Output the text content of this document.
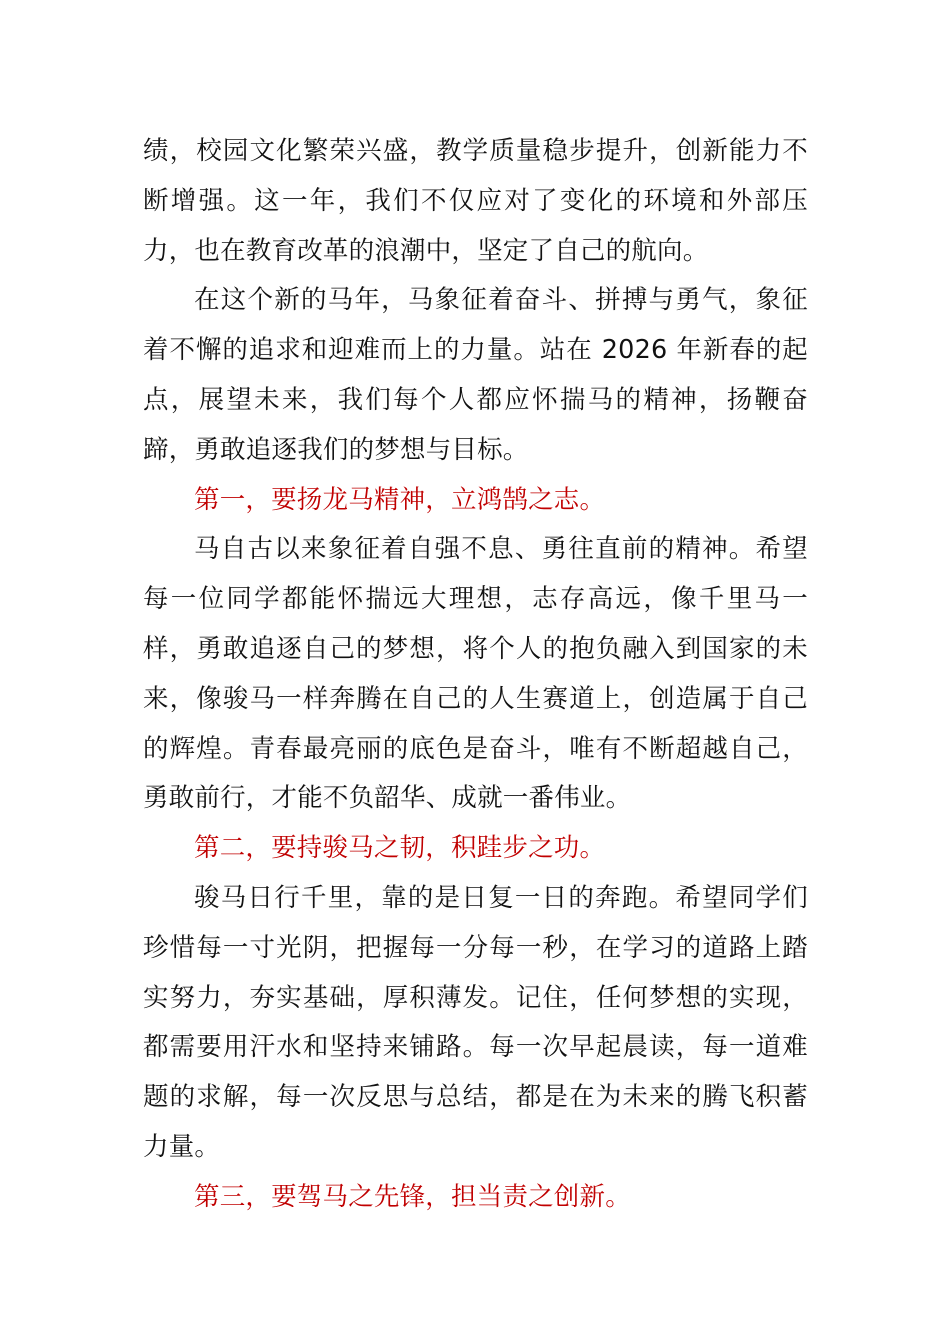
绩，校园文化繁荣兴盛，教学质量稳步提升，创新能力不断增强。这一年，我们不仅应对了变化的环境和外部压力，也在教育改革的浪潮中，坚定了自己的航向。

在这个新的马年，马象征着奋斗、拼搏与勇气，象征着不懈的追求和迎难而上的力量。站在 2026 年新春的起点，展望未来，我们每个人都应怀揣马的精神，扬鞭奋蹄，勇敢追逐我们的梦想与目标。

第一，要扬龙马精神，立鸿鹄之志。

马自古以来象征着自强不息、勇往直前的精神。希望每一位同学都能怀揣远大理想，志存高远，像千里马一样，勇敢追逐自己的梦想，将个人的抱负融入到国家的未来，像骏马一样奔腾在自己的人生赛道上，创造属于自己的辉煌。青春最亮丽的底色是奋斗，唯有不断超越自己，勇敢前行，才能不负韶华、成就一番伟业。

第二，要持骏马之韧，积跬步之功。

骏马日行千里，靠的是日复一日的奔跑。希望同学们珍惜每一寸光阴，把握每一分每一秒，在学习的道路上踏实努力，夯实基础，厚积薄发。记住，任何梦想的实现，都需要用汗水和坚持来铺路。每一次早起晨读，每一道难题的求解，每一次反思与总结，都是在为未来的腾飞积蓄力量。

第三，要驾马之先锋，担当责之创新。
